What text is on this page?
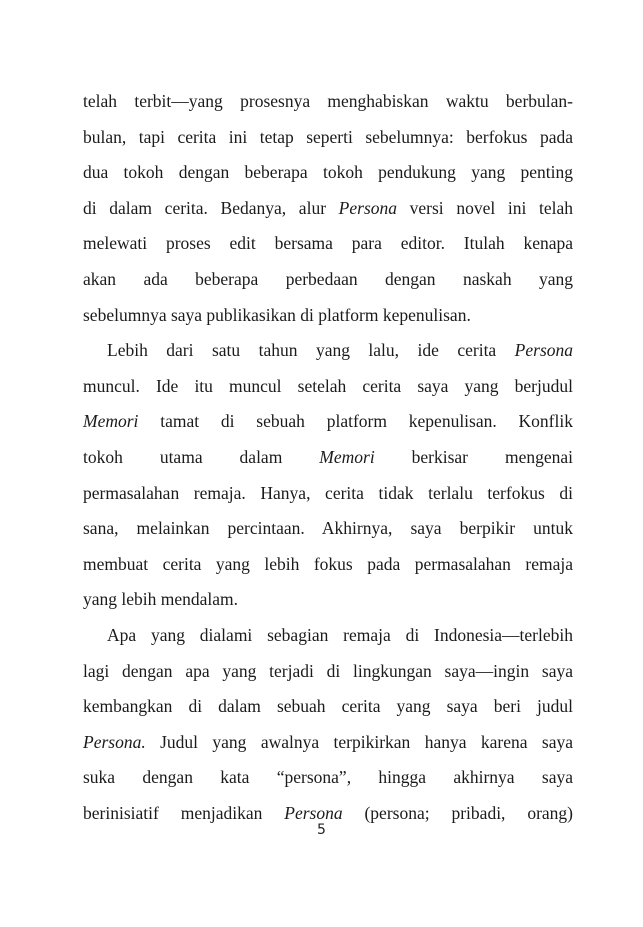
telah terbit—yang prosesnya menghabiskan waktu berbulan-
bulan, tapi cerita ini tetap seperti sebelumnya: berfokus pada
dua tokoh dengan beberapa tokoh pendukung yang penting
di dalam cerita. Bedanya, alur Persona versi novel ini telah
melewati proses edit bersama para editor. Itulah kenapa
akan ada beberapa perbedaan dengan naskah yang
sebelumnya saya publikasikan di platform kepenulisan.
Lebih dari satu tahun yang lalu, ide cerita Persona
muncul. Ide itu muncul setelah cerita saya yang berjudul
Memori tamat di sebuah platform kepenulisan. Konflik
tokoh utama dalam Memori berkisar mengenai
permasalahan remaja. Hanya, cerita tidak terlalu terfokus di
sana, melainkan percintaan. Akhirnya, saya berpikir untuk
membuat cerita yang lebih fokus pada permasalahan remaja
yang lebih mendalam.
Apa yang dialami sebagian remaja di Indonesia—terlebih
lagi dengan apa yang terjadi di lingkungan saya—ingin saya
kembangkan di dalam sebuah cerita yang saya beri judul
Persona. Judul yang awalnya terpikirkan hanya karena saya
suka dengan kata “persona”, hingga akhirnya saya
berinisiatif menjadikan Persona (persona; pribadi, orang)
5
